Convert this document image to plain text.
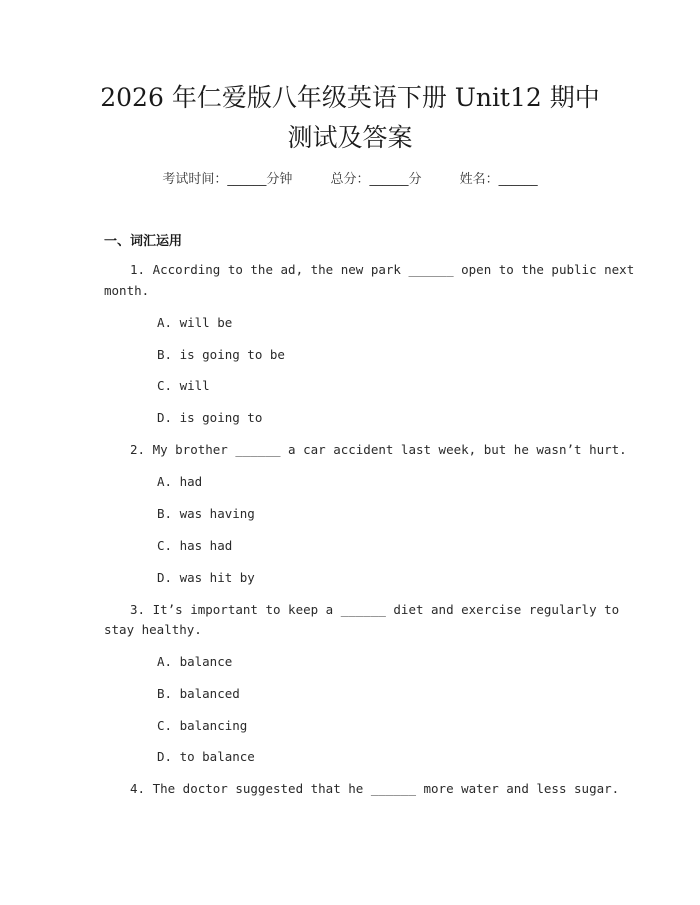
2026 年仁爱版八年级英语下册 Unit12 期中
测试及答案
考试时间：______分钟	总分：______分	姓名：______
一、词汇运用
1. According to the ad, the new park ______ open to the public next
month.
A. will be
B. is going to be
C. will
D. is going to
2. My brother ______ a car accident last week, but he wasn’t hurt.
A. had
B. was having
C. has had
D. was hit by
3. It’s important to keep a ______ diet and exercise regularly to
stay healthy.
A. balance
B. balanced
C. balancing
D. to balance
4. The doctor suggested that he ______ more water and less sugar.
